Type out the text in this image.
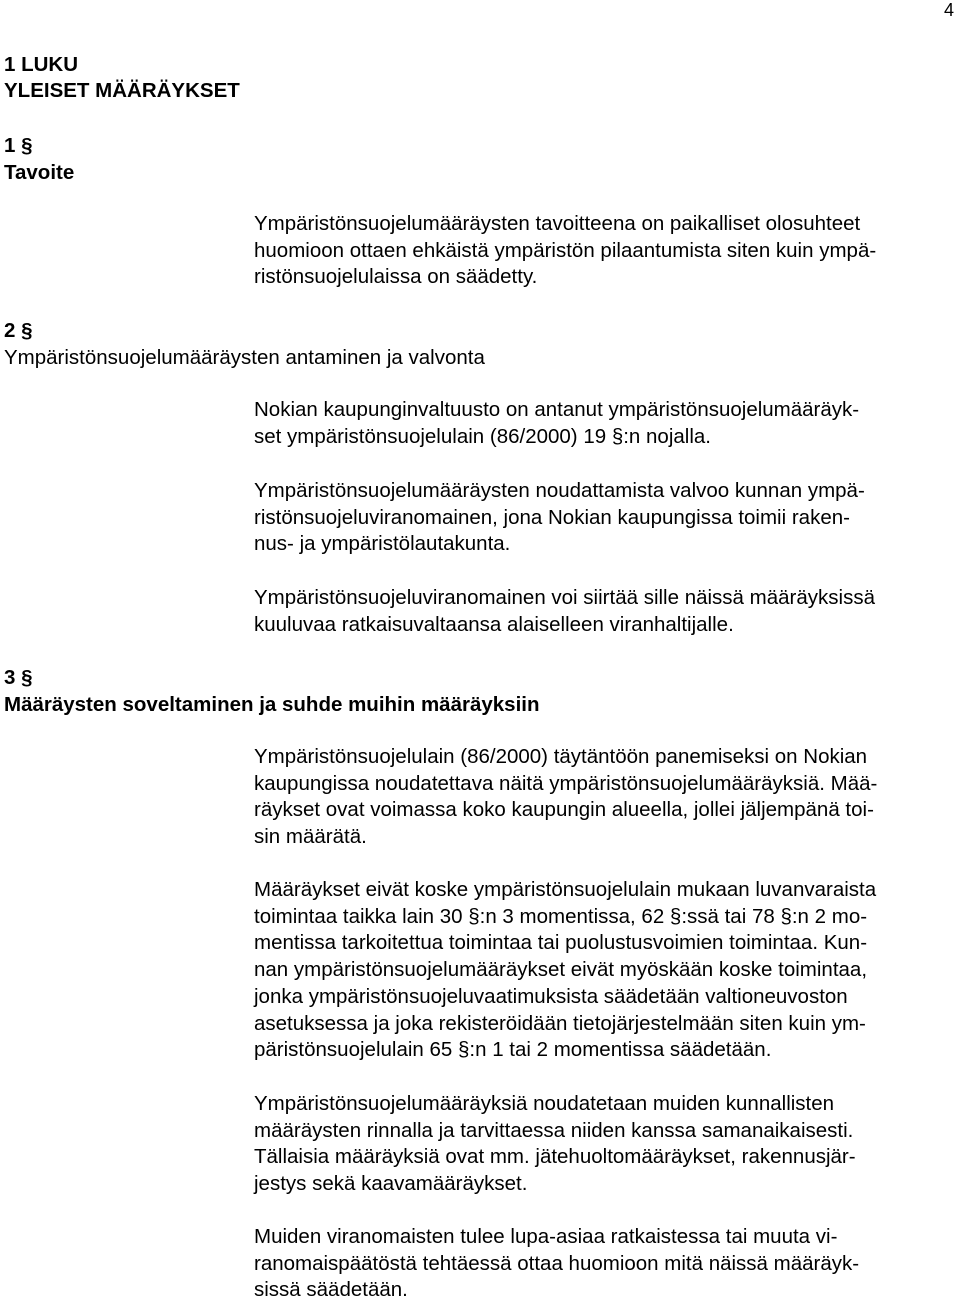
4
1 LUKU
YLEISET MÄÄRÄYKSET
1 §
Tavoite
Ympäristönsuojelumääräysten tavoitteena on paikalliset olosuhteet
huomioon ottaen ehkäistä ympäristön pilaantumista siten kuin ympä-
ristönsuojelulaissa on säädetty.
2 §
Ympäristönsuojelumääräysten antaminen ja valvonta
Nokian kaupunginvaltuusto on antanut ympäristönsuojelumääräyk-
set ympäristönsuojelulain (86/2000) 19 §:n nojalla.
Ympäristönsuojelumääräysten noudattamista valvoo kunnan ympä-
ristönsuojeluviranomainen, jona Nokian kaupungissa toimii raken-
nus- ja ympäristölautakunta.
Ympäristönsuojeluviranomainen voi siirtää sille näissä määräyksissä
kuuluvaa ratkaisuvaltaansa alaiselleen viranhaltijalle.
3 §
Määräysten soveltaminen ja suhde muihin määräyksiin
Ympäristönsuojelulain (86/2000) täytäntöön panemiseksi on Nokian
kaupungissa noudatettava näitä ympäristönsuojelumääräyksiä. Mää-
räykset ovat voimassa koko kaupungin alueella, jollei jäljempänä toi-
sin määrätä.
Määräykset eivät koske ympäristönsuojelulain mukaan luvanvaraista
toimintaa taikka lain 30 §:n 3 momentissa, 62 §:ssä tai 78 §:n 2 mo-
mentissa tarkoitettua toimintaa tai puolustusvoimien toimintaa. Kun-
nan ympäristönsuojelumääräykset eivät myöskään koske toimintaa,
jonka ympäristönsuojeluvaatimuksista säädetään valtioneuvoston
asetuksessa ja joka rekisteröidään tietojärjestelmään siten kuin ym-
päristönsuojelulain 65 §:n 1 tai 2 momentissa säädetään.
Ympäristönsuojelumääräyksiä noudatetaan muiden kunnallisten
määräysten rinnalla ja tarvittaessa niiden kanssa samanaikaisesti.
Tällaisia määräyksiä ovat mm. jätehuoltomääräykset, rakennusjär-
jestys sekä kaavamääräykset.
Muiden viranomaisten tulee lupa-asiaa ratkaistessa tai muuta vi-
ranomaispäätöstä tehtäessä ottaa huomioon mitä näissä määräyk-
sissä säädetään.
